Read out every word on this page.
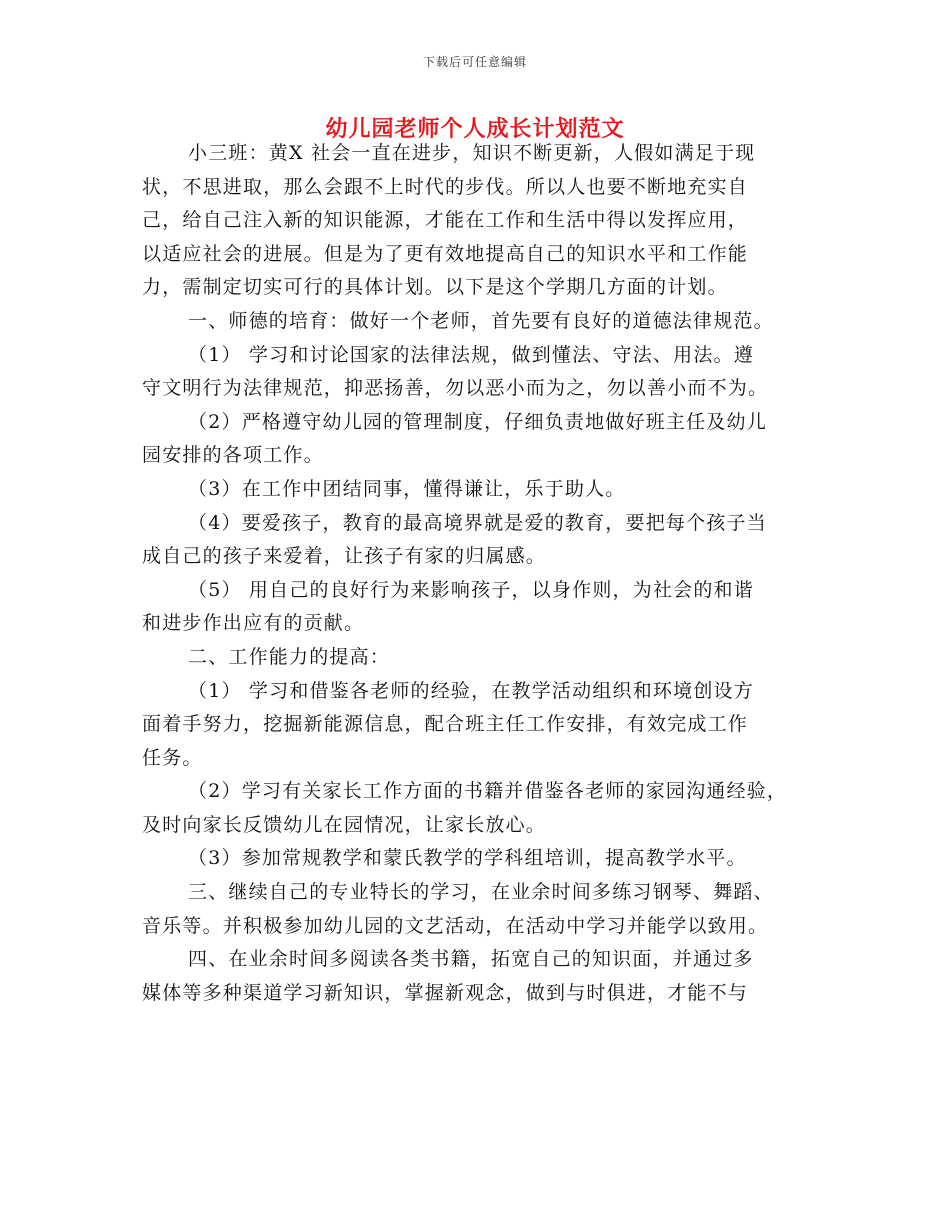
下载后可任意编辑
幼儿园老师个人成长计划范文
小三班：黄X 社会一直在进步，知识不断更新，人假如满足于现
状，不思进取，那么会跟不上时代的步伐。所以人也要不断地充实自
己，给自己注入新的知识能源，才能在工作和生活中得以发挥应用，
以适应社会的进展。但是为了更有效地提高自己的知识水平和工作能
力，需制定切实可行的具体计划。以下是这个学期几方面的计划。
一、师德的培育：做好一个老师，首先要有良好的道德法律规范。
（1） 学习和讨论国家的法律法规，做到懂法、守法、用法。遵
守文明行为法律规范，抑恶扬善，勿以恶小而为之，勿以善小而不为。
（2）严格遵守幼儿园的管理制度，仔细负责地做好班主任及幼儿
园安排的各项工作。
（3）在工作中团结同事，懂得谦让，乐于助人。
（4）要爱孩子，教育的最高境界就是爱的教育，要把每个孩子当
成自己的孩子来爱着，让孩子有家的归属感。
（5） 用自己的良好行为来影响孩子，以身作则，为社会的和谐
和进步作出应有的贡献。
二、工作能力的提高：
（1） 学习和借鉴各老师的经验，在教学活动组织和环境创设方
面着手努力，挖掘新能源信息，配合班主任工作安排，有效完成工作
任务。
（2）学习有关家长工作方面的书籍并借鉴各老师的家园沟通经验，
及时向家长反馈幼儿在园情况，让家长放心。
（3）参加常规教学和蒙氏教学的学科组培训，提高教学水平。
三、继续自己的专业特长的学习，在业余时间多练习钢琴、舞蹈、
音乐等。并积极参加幼儿园的文艺活动，在活动中学习并能学以致用。
四、在业余时间多阅读各类书籍，拓宽自己的知识面，并通过多
媒体等多种渠道学习新知识，掌握新观念，做到与时俱进，才能不与
